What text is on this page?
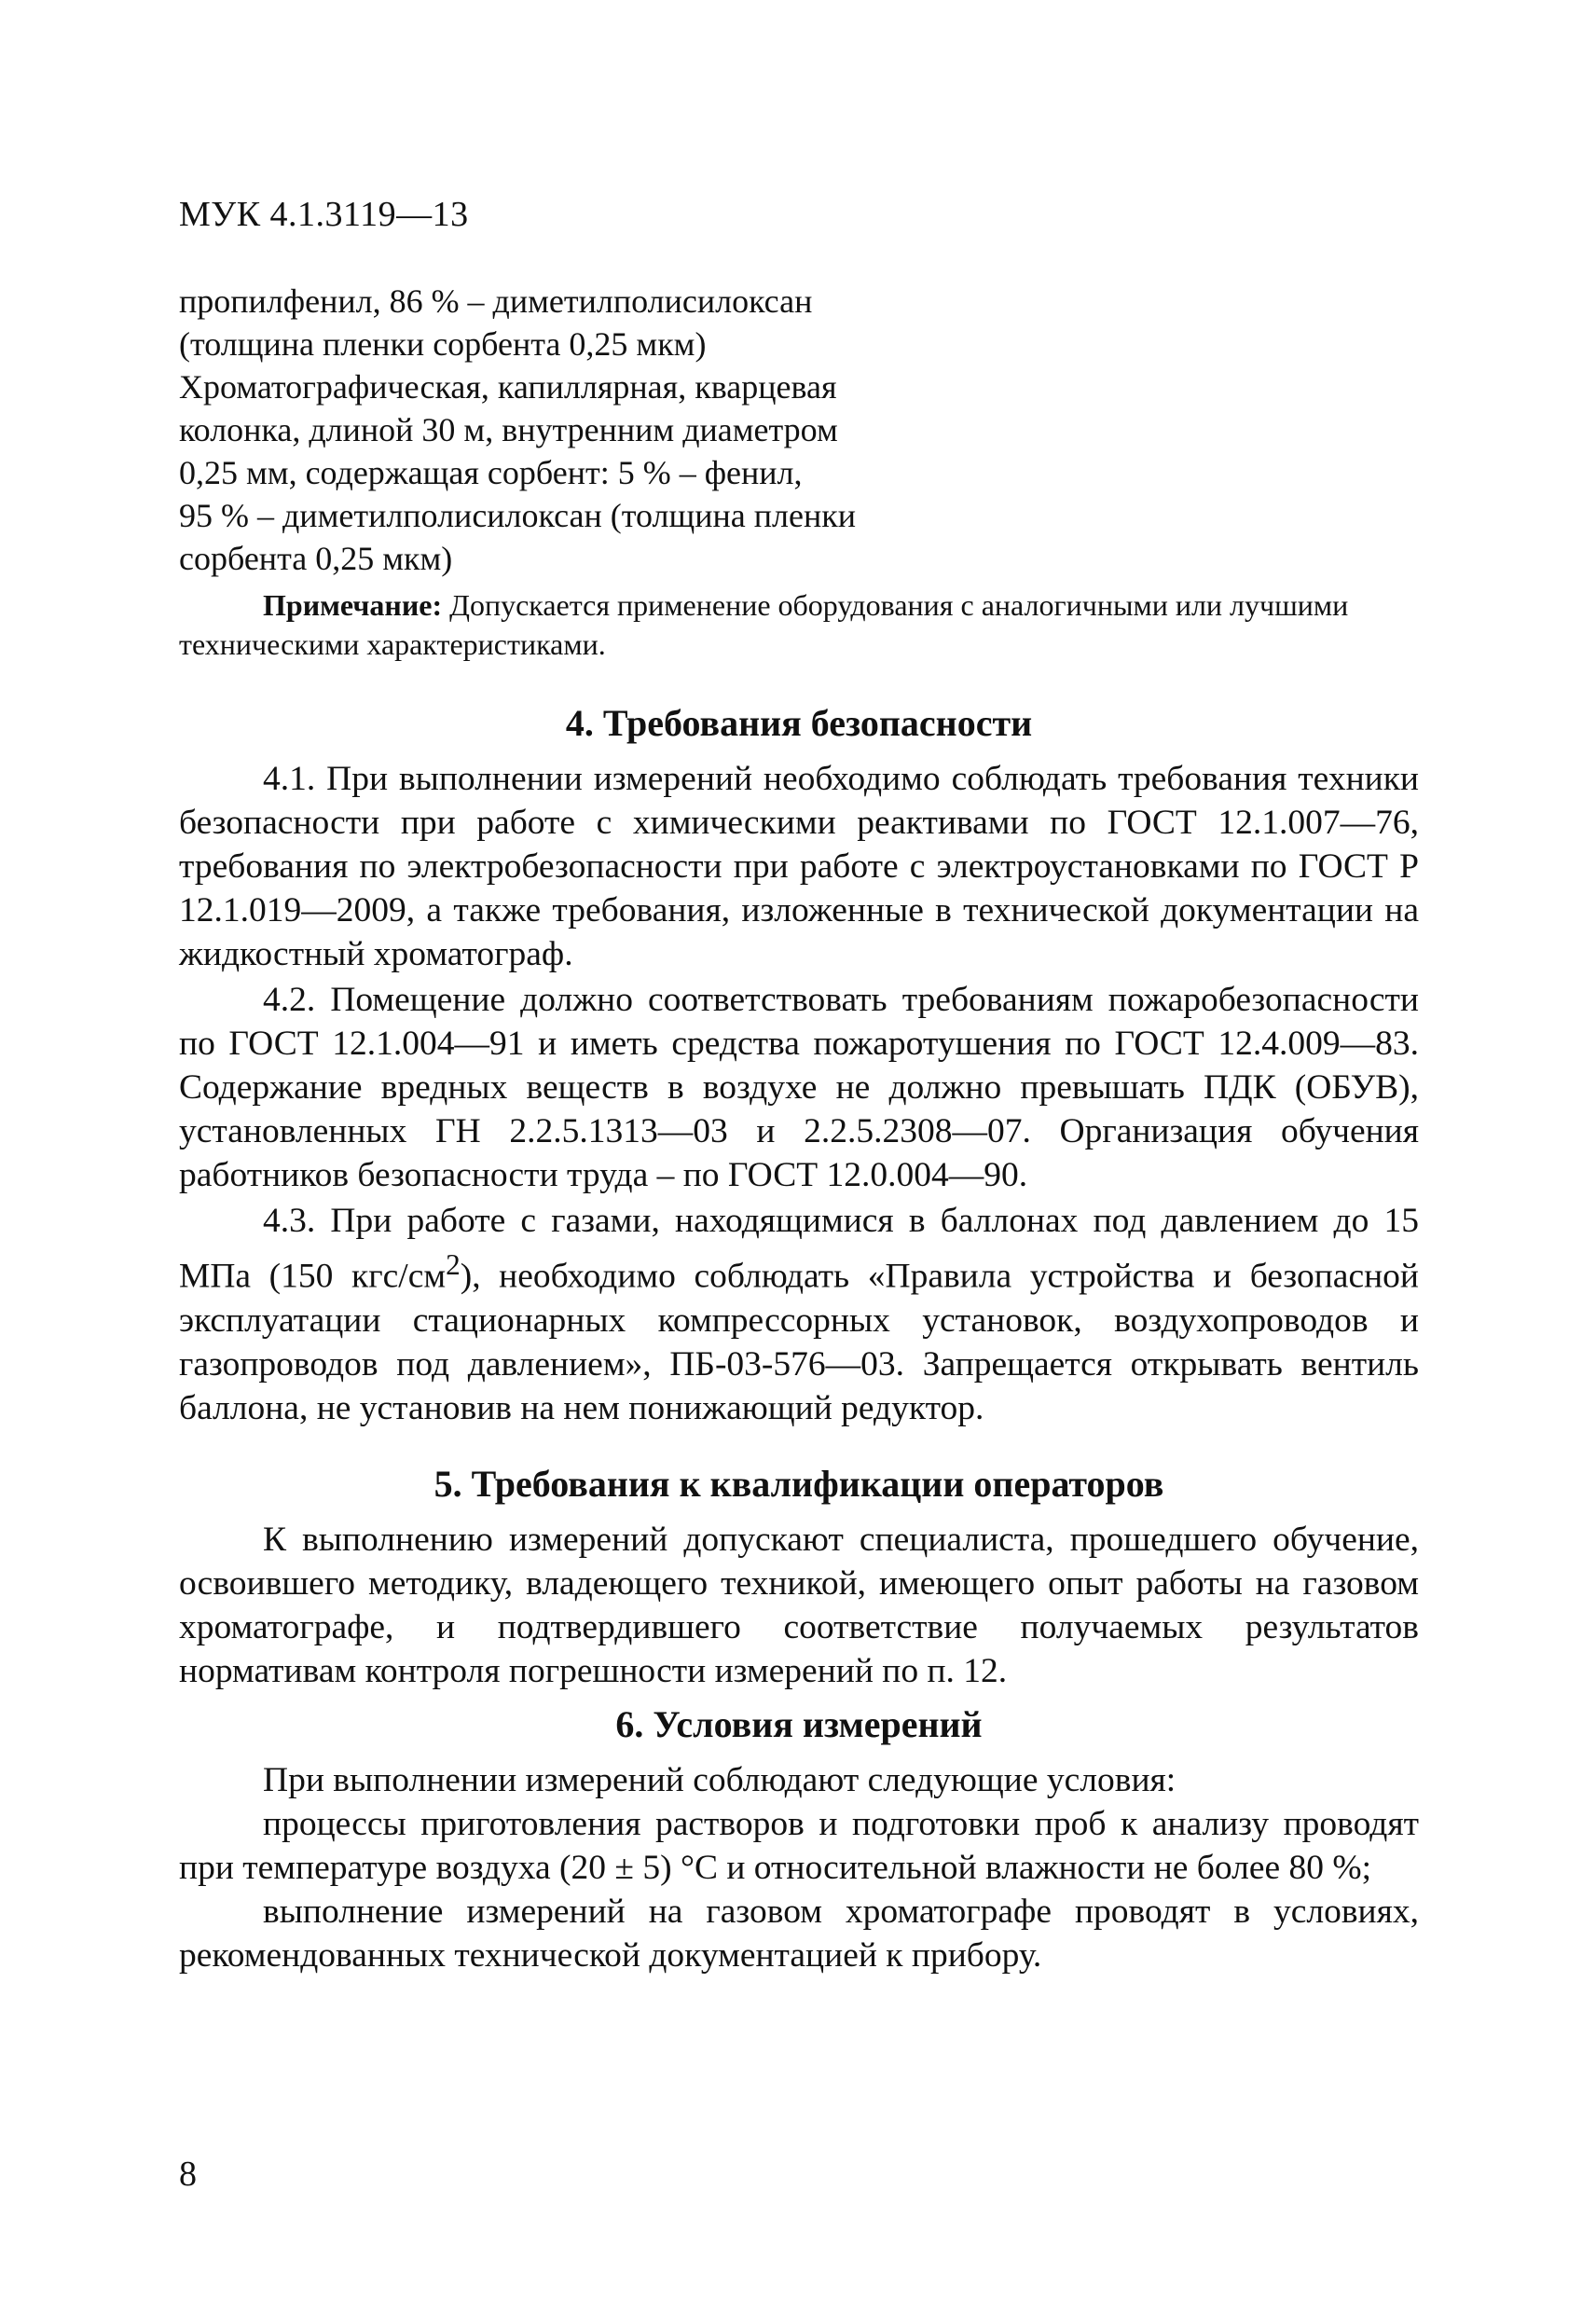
МУК 4.1.3119—13
пропилфенил, 86 % – диметилполисилоксан
(толщина пленки сорбента 0,25 мкм)
Хроматографическая, капиллярная, кварцевая
колонка, длиной 30 м, внутренним диаметром
0,25 мм, содержащая сорбент: 5 % – фенил,
95 % – диметилполисилоксан (толщина пленки
сорбента 0,25 мкм)
Примечание: Допускается применение оборудования с аналогичными или лучшими техническими характеристиками.
4. Требования безопасности

4.1. При выполнении измерений необходимо соблюдать требования техники безопасности при работе с химическими реактивами по ГОСТ 12.1.007—76, требования по электробезопасности при работе с электроустановками по ГОСТ Р 12.1.019—2009, а также требования, изложенные в технической документации на жидкостный хроматограф.

4.2. Помещение должно соответствовать требованиям пожаробезопасности по ГОСТ 12.1.004—91 и иметь средства пожаротушения по ГОСТ 12.4.009—83. Содержание вредных веществ в воздухе не должно превышать ПДК (ОБУВ), установленных ГН 2.2.5.1313—03 и 2.2.5.2308—07. Организация обучения работников безопасности труда – по ГОСТ 12.0.004—90.

4.3. При работе с газами, находящимися в баллонах под давлением до 15 МПа (150 кгс/$см^2$), необходимо соблюдать «Правила устройства и безопасной эксплуатации стационарных компрессорных установок, воздухопроводов и газопроводов под давлением», ПБ-03-576—03. Запрещается открывать вентиль баллона, не установив на нем понижающий редуктор.

5. Требования к квалификации операторов

К выполнению измерений допускают специалиста, прошедшего обучение, освоившего методику, владеющего техникой, имеющего опыт работы на газовом хроматографе, и подтвердившего соответствие получаемых результатов нормативам контроля погрешности измерений по п. 12.

6. Условия измерений

При выполнении измерений соблюдают следующие условия:

процессы приготовления растворов и подготовки проб к анализу проводят при температуре воздуха (20 ± 5) °С и относительной влажности не более 80 %;

выполнение измерений на газовом хроматографе проводят в условиях, рекомендованных технической документацией к прибору.

8
